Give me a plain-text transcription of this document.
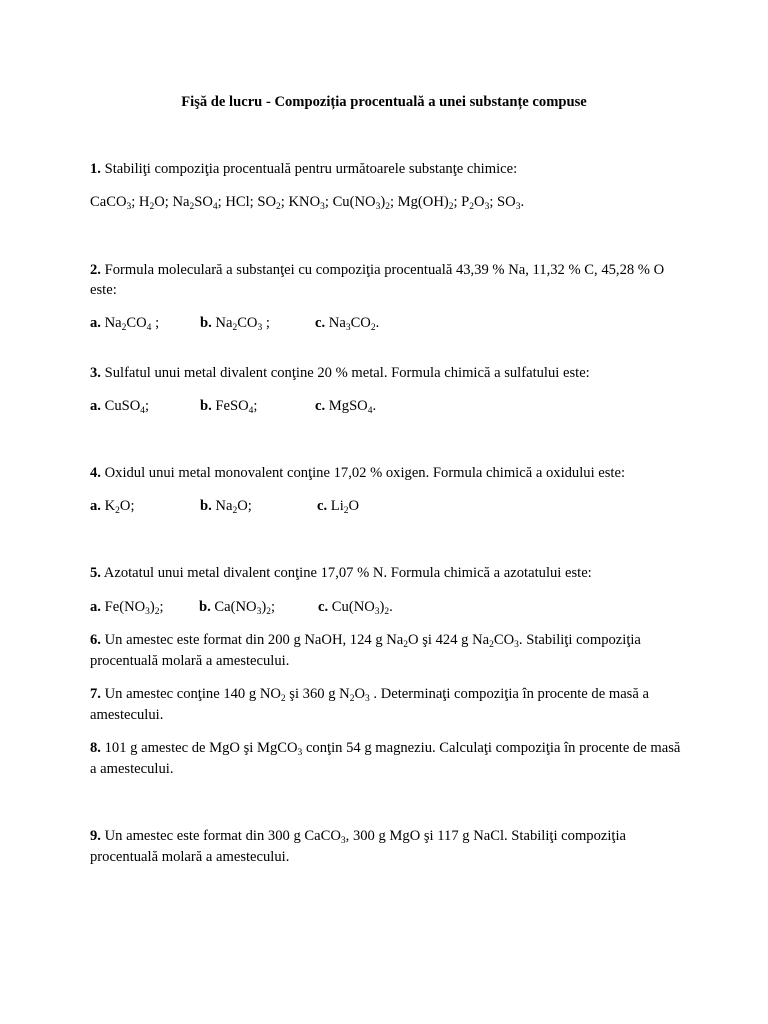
Fişă de lucru - Compoziția procentuală a unei substanțe compuse
1. Stabiliţi compoziţia procentuală pentru următoarele substanţe chimice:
CaCO$_3$; $H_2O$; $Na_2SO_4$; HCl; $SO_2$; $KNO_3$; $Cu(NO_3)_2$; $Mg(OH)_2$; $P_2O_3$; $SO_3$.
2. Formula moleculară a substanţei cu compoziţia procentuală 43,39 % Na, 11,32 % C, 45,28 % O
este:
a. $Na_2CO_4$ ;	b. $Na_2CO_3$ ;	c. $Na_3CO_2$.
3. Sulfatul unui metal divalent conţine 20 % metal. Formula chimică a sulfatului este:
a. CuSO$_4$;	b. FeSO$_4$;	c. MgSO$_4$.
4. Oxidul unui metal monovalent conţine 17,02 % oxigen. Formula chimică a oxidului este:
a. $K_2O$;	b. $Na_2O$;	c. $Li_2O$
5. Azotatul unui metal divalent conţine 17,07 % N. Formula chimică a azotatului este:
a. $Fe(NO_3)_2$; b. $Ca(NO_3)_2$;	c. $Cu(NO_3)_2$.
6. Un amestec este format din 200 g NaOH, 124 g $Na_2O$ şi 424 g $Na_2CO_3$. Stabiliţi compoziţia
procentuală molară a amestecului.
7. Un amestec conţine 140 g $NO_2$ şi 360 g $N_2O_3$ . Determinaţi compoziţia în procente de masă a
amestecului.
8. 101 g amestec de MgO şi MgCO$_3$ conţin 54 g magneziu. Calculaţi compoziţia în procente de masă
a amestecului.
9. Un amestec este format din 300 g CaCO$_3$, 300 g MgO şi 117 g NaCl. Stabiliţi compoziţia
procentuală molară a amestecului.
